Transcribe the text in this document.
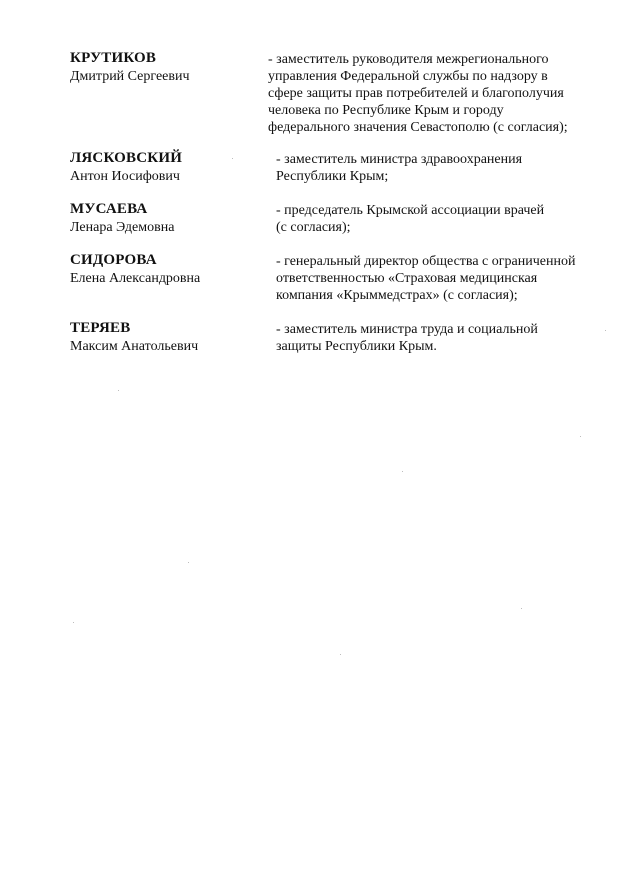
КРУТИКОВ
Дмитрий Сергеевич
- заместитель руководителя межрегионального
управления Федеральной службы по надзору в
сфере защиты прав потребителей и благополучия
человека по Республике Крым и городу
федерального значения Севастополю (с согласия);
ЛЯСКОВСКИЙ
Антон Иосифович
- заместитель министра здравоохранения
Республики Крым;
МУСАЕВА
Ленара Эдемовна
- председатель Крымской ассоциации врачей
(с согласия);
СИДОРОВА
Елена Александровна
- генеральный директор общества с ограниченной
ответственностью «Страховая медицинская
компания «Крыммедстрах» (с согласия);
ТЕРЯЕВ
Максим Анатольевич
- заместитель министра труда и социальной
защиты Республики Крым.
